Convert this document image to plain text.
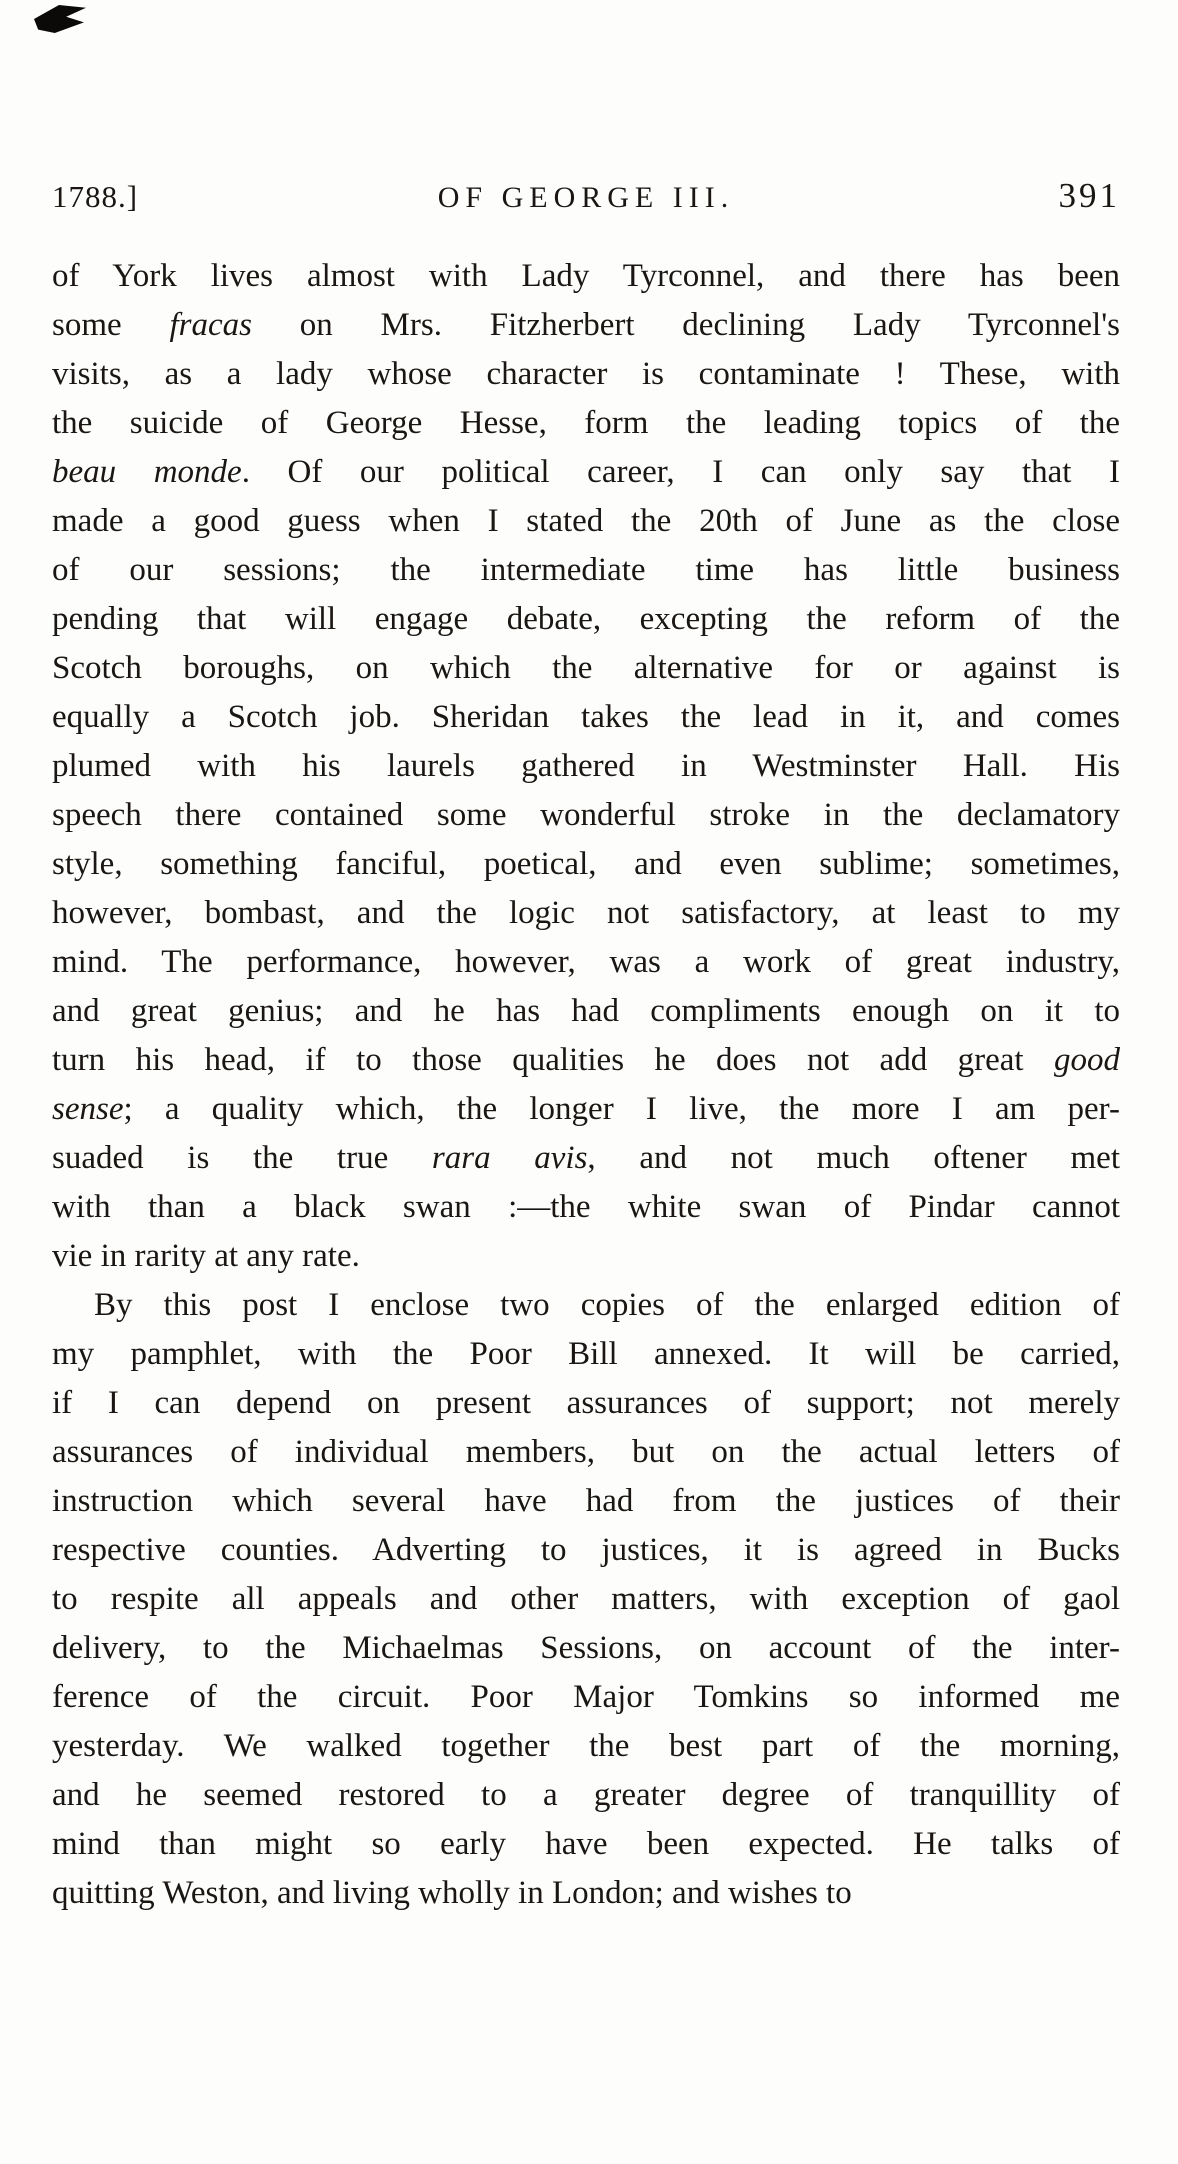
1788.]	OF GEORGE III.	391
of York lives almost with Lady Tyrconnel, and there has been
some fracas on Mrs. Fitzherbert declining Lady Tyrconnel's
visits, as a lady whose character is contaminate ! These, with
the suicide of George Hesse, form the leading topics of the
beau monde. Of our political career, I can only say that I
made a good guess when I stated the 20th of June as the close
of our sessions; the intermediate time has little business
pending that will engage debate, excepting the reform of the
Scotch boroughs, on which the alternative for or against is
equally a Scotch job. Sheridan takes the lead in it, and comes
plumed with his laurels gathered in Westminster Hall. His
speech there contained some wonderful stroke in the declamatory
style, something fanciful, poetical, and even sublime; sometimes,
however, bombast, and the logic not satisfactory, at least to my
mind. The performance, however, was a work of great industry,
and great genius; and he has had compliments enough on it to
turn his head, if to those qualities he does not add great good
sense; a quality which, the longer I live, the more I am per-
suaded is the true rara avis, and not much oftener met
with than a black swan :—the white swan of Pindar cannot
vie in rarity at any rate.
By this post I enclose two copies of the enlarged edition of
my pamphlet, with the Poor Bill annexed. It will be carried,
if I can depend on present assurances of support; not merely
assurances of individual members, but on the actual letters of
instruction which several have had from the justices of their
respective counties. Adverting to justices, it is agreed in Bucks
to respite all appeals and other matters, with exception of gaol
delivery, to the Michaelmas Sessions, on account of the inter-
ference of the circuit. Poor Major Tomkins so informed me
yesterday. We walked together the best part of the morning,
and he seemed restored to a greater degree of tranquillity of
mind than might so early have been expected. He talks of
quitting Weston, and living wholly in London; and wishes to
